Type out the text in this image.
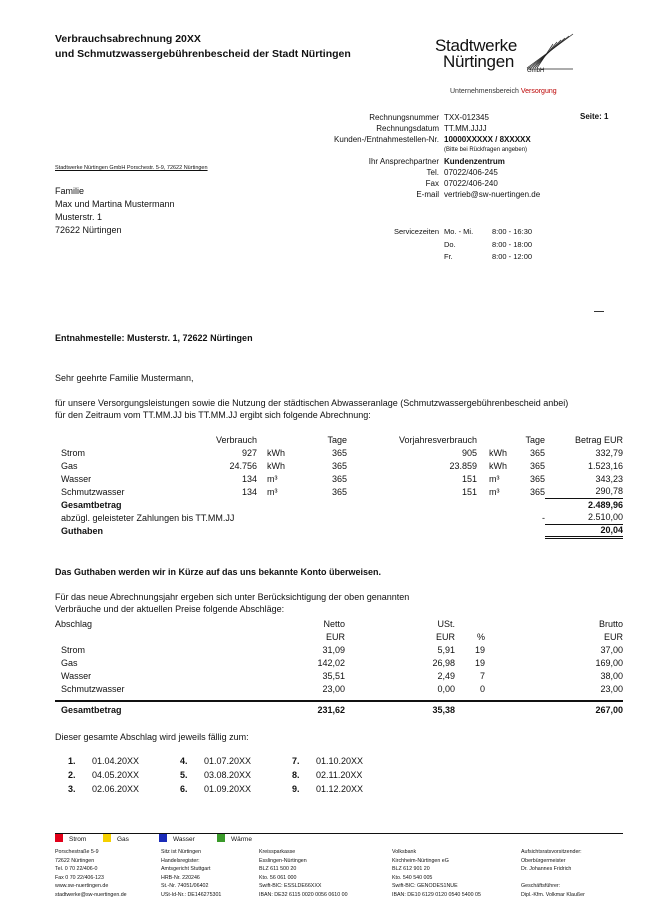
Verbrauchsabrechnung 20XX
und Schmutzwassergebührenbescheid der Stadt Nürtingen	Stadtwerke
Nürtingen GmbH
Unternehmensbereich Versorgung
Rechnungsnummer TXX-012345
Rechnungsdatum TT.MM.JJJJ
Kunden-/Entnahmestellen-Nr. 10000XXXXX / 8XXXXX
(Bitte bei Rückfragen angeben)
Ihr Ansprechpartner Kundenzentrum
Tel. 07022/406-245
Fax 07022/406-240
E-mail vertrieb@sw-nuertingen.de
Seite: 1
Stadtwerke Nürtingen GmbH Porschestr. 5-9, 72622 Nürtingen
Familie
Max und Martina Mustermann
Musterstr. 1
72622 Nürtingen	Servicezeiten Mo. - Mi.	8:00 - 16:30
Do.	8:00 - 18:00
Fr.	8:00 - 12:00
Entnahmestelle: Musterstr. 1, 72622 Nürtingen
Sehr geehrte Familie Mustermann,
für unsere Versorgungsleistungen sowie die Nutzung der städtischen Abwasseranlage (Schmutzwassergebührenbescheid anbei)
für den Zeitraum vom TT.MM.JJ bis TT.MM.JJ ergibt sich folgende Abrechnung:
	Verbrauch			Tage	Vorjahresverbrauch			Tage	Betrag EUR
Strom	927		kWh	365	905		kWh	365	332,79
Gas	24.756		kWh	365	23.859		kWh	365	1.523,16
Wasser	134		m³	365	151		m³	365	343,23
Schmutzwasser	134		m³	365	151		m³	365	290,78
Gesamtbetrag									2.489,96
abzügl. geleisteter Zahlungen bis TT.MM.JJ								-	2.510,00
Guthaben									20,04
Das Guthaben werden wir in Kürze auf das uns bekannte Konto überweisen.
Für das neue Abrechnungsjahr ergeben sich unter Berücksichtigung der oben genannten
Verbräuche und der aktuellen Preise folgende Abschläge:
Abschlag	Netto	USt.		Brutto
	EUR	EUR	%	EUR
Strom	31,09	5,91	19	37,00
Gas	142,02	26,98	19	169,00
Wasser	35,51	2,49	7	38,00
Schmutzwasser	23,00	0,00	0	23,00

Gesamtbetrag	231,62	35,38		267,00
Dieser gesamte Abschlag wird jeweils fällig zum:
1.	01.04.20XX	4.	01.07.20XX	7.	01.10.20XX
2.	04.05.20XX	5.	03.08.20XX	8.	02.11.20XX
3.	02.06.20XX	6.	01.09.20XX	9.	01.12.20XX
Strom	Gas	Wasser	Wärme
Porschestraße 5-9
72622 Nürtingen
Tel. 0 70 22/406-0
Fax 0 70 22/406-123
www.sw-nuertingen.de
stadtwerke@sw-nuertingen.de
Sitz ist Nürtingen
Handelsregister:
Amtsgericht Stuttgart
HRB-Nr. 220246
St.-Nr. 74051/06402
USt-Id-Nr.: DE146275301
Kreissparkasse
Esslingen-Nürtingen
BLZ 611 500 20
Kto. 56 061 000
Swift-BIC: ESSLDE66XXX
IBAN: DE32 6115 0020 0056 0610 00
Volksbank
Kirchheim-Nürtingen eG
BLZ 612 901 20
Kto. 540 540 005
Swift-BIC: GENODES1NUE
IBAN: DE10 6129 0120 0540 5400 05
Aufsichtsratsvorsitzender:
Oberbürgermeister
Dr. Johannes Fridrich
Geschäftsführer:
Dipl.-Kfm. Volkmar Klaußer
